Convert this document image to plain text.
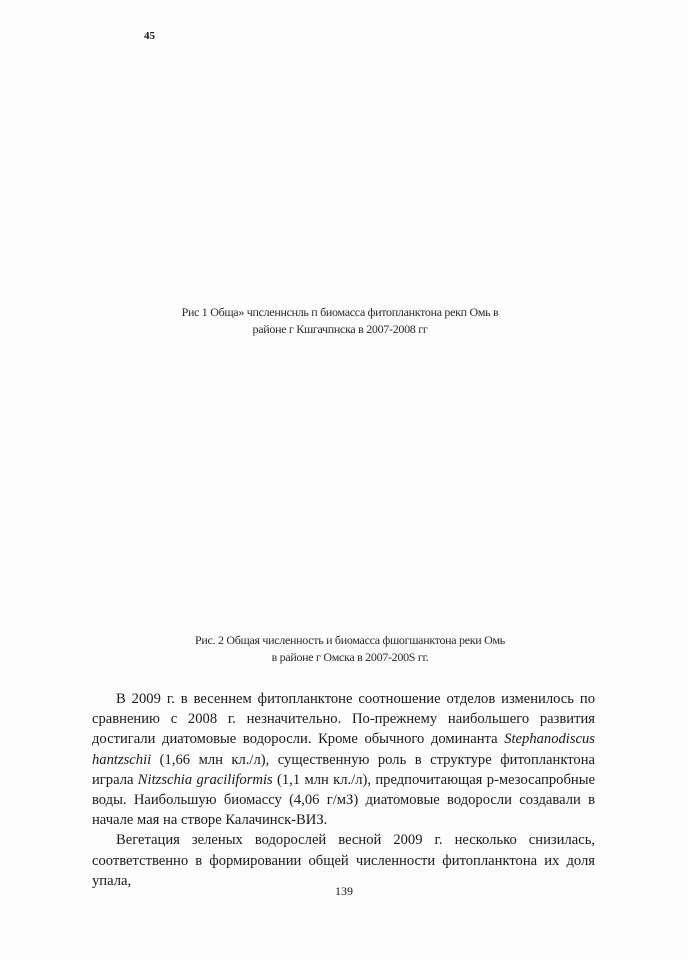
45
Рис 1 Обща» чпсленнснль п биомасса фитопланктона рекп Омь в
районе г Кшгачпнска в 2007-2008 гг
Рис. 2 Общая численность и биомасса фшогшанктона реки Омь
в районе г Омска в 2007-200S гг.

В 2009 г. в весеннем фитопланктоне соотношение отделов изменилось по сравнению с 2008 г. незначительно. По-прежнему наибольшего развития достигали диатомовые водоросли. Кроме обычного доминанта Stephanodiscus hantzschii (1,66 млн кл./л), существенную роль в структуре фитопланктона играла Nitzschia graciliformis (1,1 млн кл./л), предпочитающая р-мезосапробные воды. Наибольшую биомассу (4,06 г/мЗ) диатомовые водоросли создавали в начале мая на створе Калачинск-ВИЗ.

Вегетация зеленых водорослей весной 2009 г. несколько снизилась, соответственно в формировании общей численности фитопланктона их доля упала,

139
